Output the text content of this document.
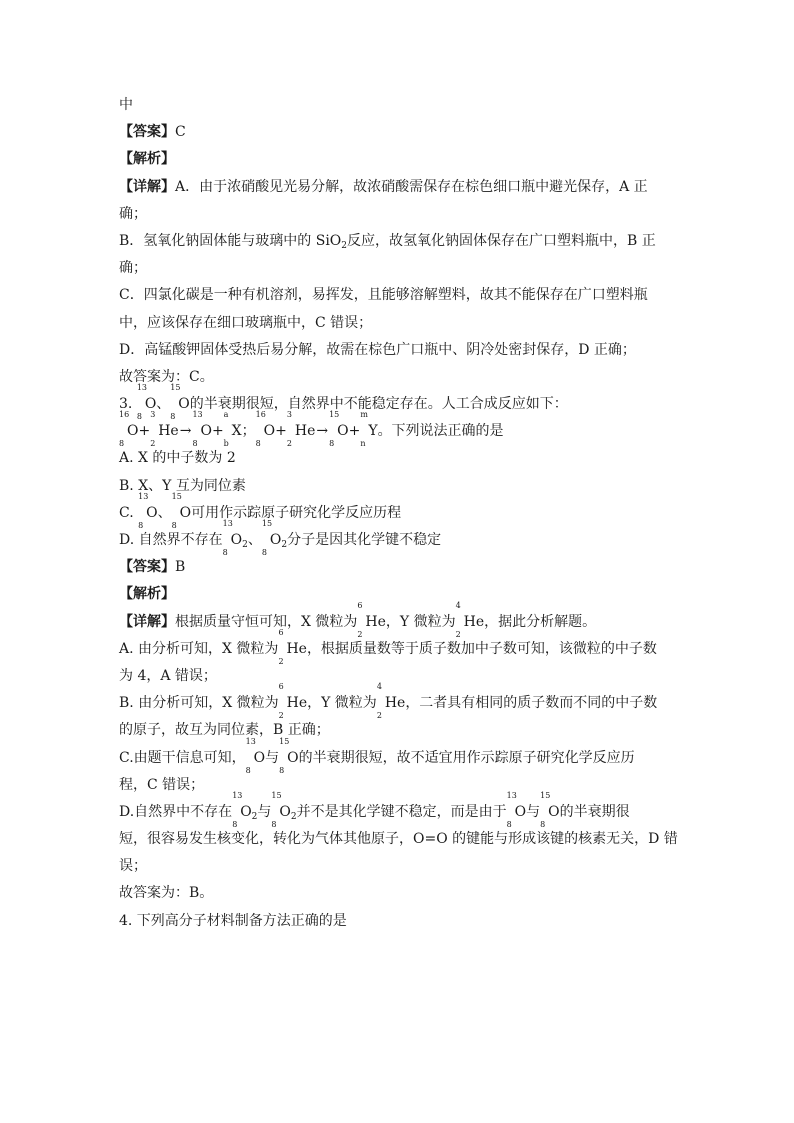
中
【答案】C
【解析】
【详解】A．由于浓硝酸见光易分解，故浓硝酸需保存在棕色细口瓶中避光保存，A 正
确；
B．氢氧化钠固体能与玻璃中的 SiO$_2$反应，故氢氧化钠固体保存在广口塑料瓶中，B 正
确；
C．四氯化碳是一种有机溶剂，易挥发，且能够溶解塑料，故其不能保存在广口塑料瓶
中，应该保存在细口玻璃瓶中，C 错误；
D．高锰酸钾固体受热后易分解，故需在棕色广口瓶中、阴冷处密封保存，D 正确；
故答案为：C。
3.
13
8
O、
15
8
O的半衰期很短，自然界中不能稳定存在。人工合成反应如下：
16
8
O+
3
2
He→
13
8
O+
a
b
X；
16
8
O+
3
2
He→
15
8
O+
m
n
Y。下列说法正确的是
A. X 的中子数为 2
B. X、Y 互为同位素
C.
13
8
O、
15
8
O可用作示踪原子研究化学反应历程
D. 自然界不存在
13
8
$O_2$、
15
8
$O_2$分子是因其化学键不稳定
【答案】B
【解析】
【详解】根据质量守恒可知，X 微粒为
6
2
He，Y 微粒为
4
2
He，据此分析解题。
A. 由分析可知，X 微粒为
6
2
He，根据质量数等于质子数加中子数可知，该微粒的中子数
为 4，A 错误；
B. 由分析可知，X 微粒为
6
2
He，Y 微粒为
4
2
He，二者具有相同的质子数而不同的中子数
的原子，故互为同位素，B 正确；
C.由题干信息可知，
13
8
O与
15
8
O的半衰期很短，故不适宜用作示踪原子研究化学反应历
程，C 错误；
D.自然界中不存在
13
8
$O_2$与
15
8
$O_2$并不是其化学键不稳定，而是由于
13
8
O与
15
8
O的半衰期很
短，很容易发生核变化，转化为气体其他原子，O=O 的键能与形成该键的核素无关，D 错
误；
故答案为：B。
4. 下列高分子材料制备方法正确的是
